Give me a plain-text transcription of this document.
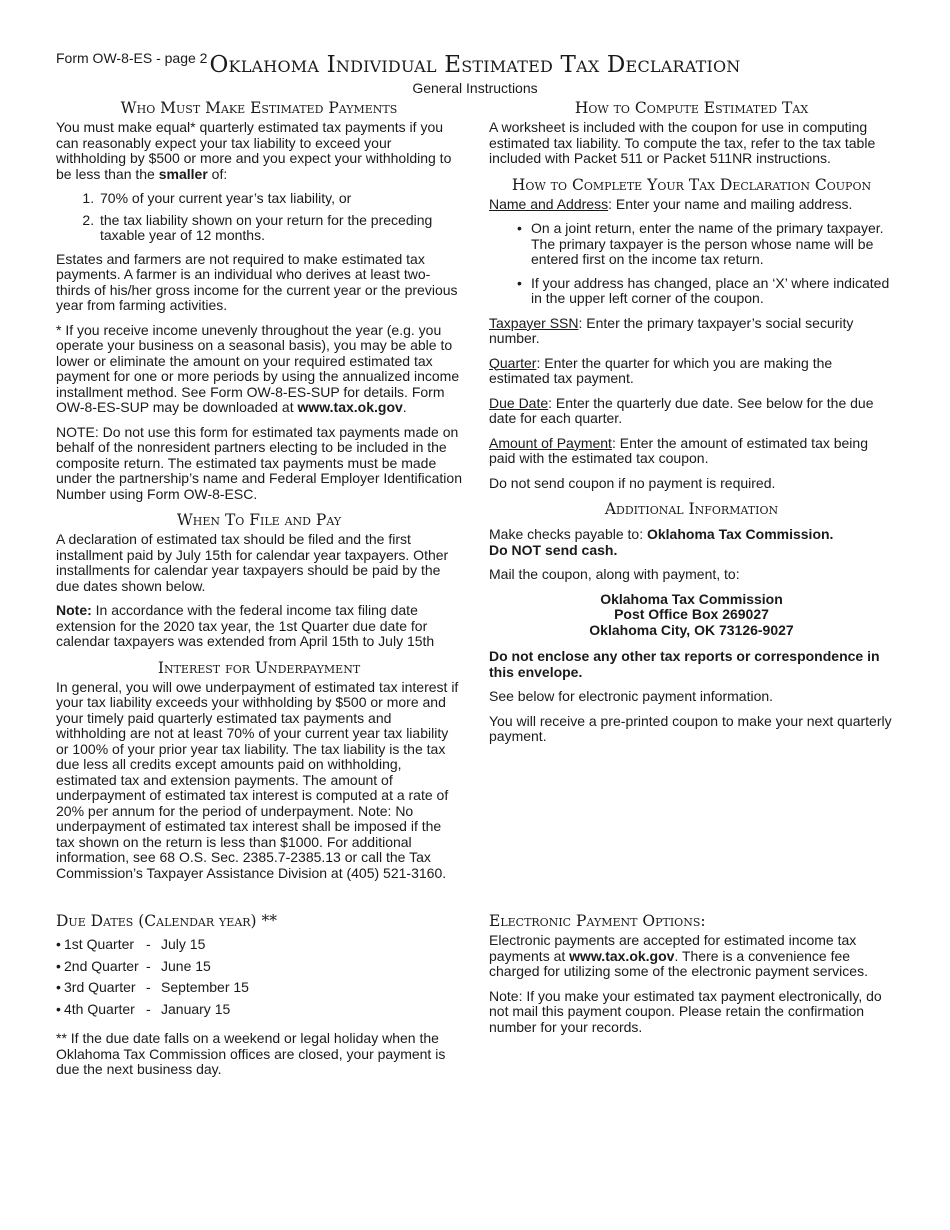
Form OW-8-ES - page 2 Oklahoma Individual Estimated Tax Declaration
General Instructions
Who Must Make Estimated Payments

You must make equal* quarterly estimated tax payments if you can reasonably expect your tax liability to exceed your withholding by $500 or more and you expect your withholding to be less than the smaller of:

1. 70% of your current year’s tax liability, or
2. the tax liability shown on your return for the preceding taxable year of 12 months.

Estates and farmers are not required to make estimated tax payments. A farmer is an individual who derives at least two-thirds of his/her gross income for the current year or the previous year from farming activities.

* If you receive income unevenly throughout the year (e.g. you operate your business on a seasonal basis), you may be able to lower or eliminate the amount on your required estimated tax payment for one or more periods by using the annualized income installment method. See Form OW-8-ES-SUP for details. Form OW-8-ES-SUP may be downloaded at www.tax.ok.gov.

NOTE: Do not use this form for estimated tax payments made on behalf of the nonresident partners electing to be included in the composite return. The estimated tax payments must be made under the partnership’s name and Federal Employer Identification Number using Form OW-8-ESC.

When To File and Pay

A declaration of estimated tax should be filed and the first installment paid by July 15th for calendar year taxpayers. Other installments for calendar year taxpayers should be paid by the due dates shown below.

Note: In accordance with the federal income tax filing date extension for the 2020 tax year, the 1st Quarter due date for calendar taxpayers was extended from April 15th to July 15th

Interest for Underpayment

In general, you will owe underpayment of estimated tax interest if your tax liability exceeds your withholding by $500 or more and your timely paid quarterly estimated tax payments and withholding are not at least 70% of your current year tax liability or 100% of your prior year tax liability. The tax liability is the tax due less all credits except amounts paid on withholding, estimated tax and extension payments. The amount of underpayment of estimated tax interest is computed at a rate of 20% per annum for the period of underpayment. Note: No underpayment of estimated tax interest shall be imposed if the tax shown on the return is less than $1000. For additional information, see 68 O.S. Sec. 2385.7-2385.13 or call the Tax Commission’s Taxpayer Assistance Division at (405) 521-3160.

How to Compute Estimated Tax

A worksheet is included with the coupon for use in computing estimated tax liability. To compute the tax, refer to the tax table included with Packet 511 or Packet 511NR instructions.

How to Complete Your Tax Declaration Coupon

Name and Address: Enter your name and mailing address.

• On a joint return, enter the name of the primary taxpayer. The primary taxpayer is the person whose name will be entered first on the income tax return.
• If your address has changed, place an ‘X’ where indicated in the upper left corner of the coupon.

Taxpayer SSN: Enter the primary taxpayer’s social security number.

Quarter: Enter the quarter for which you are making the estimated tax payment.

Due Date: Enter the quarterly due date. See below for the due date for each quarter.

Amount of Payment: Enter the amount of estimated tax being paid with the estimated tax coupon.

Do not send coupon if no payment is required.

Additional Information

Make checks payable to: Oklahoma Tax Commission.
Do NOT send cash.

Mail the coupon, along with payment, to:

Oklahoma Tax Commission
Post Office Box 269027
Oklahoma City, OK 73126-9027

Do not enclose any other tax reports or correspondence in this envelope.

See below for electronic payment information.

You will receive a pre-printed coupon to make your next quarterly payment.

Due Dates (Calendar year) **
• 1st Quarter - July 15
• 2nd Quarter - June 15
• 3rd Quarter - September 15
• 4th Quarter - January 15

** If the due date falls on a weekend or legal holiday when the Oklahoma Tax Commission offices are closed, your payment is due the next business day.

Electronic Payment Options:

Electronic payments are accepted for estimated income tax payments at www.tax.ok.gov. There is a convenience fee charged for utilizing some of the electronic payment services.

Note: If you make your estimated tax payment electronically, do not mail this payment coupon. Please retain the confirmation number for your records.
